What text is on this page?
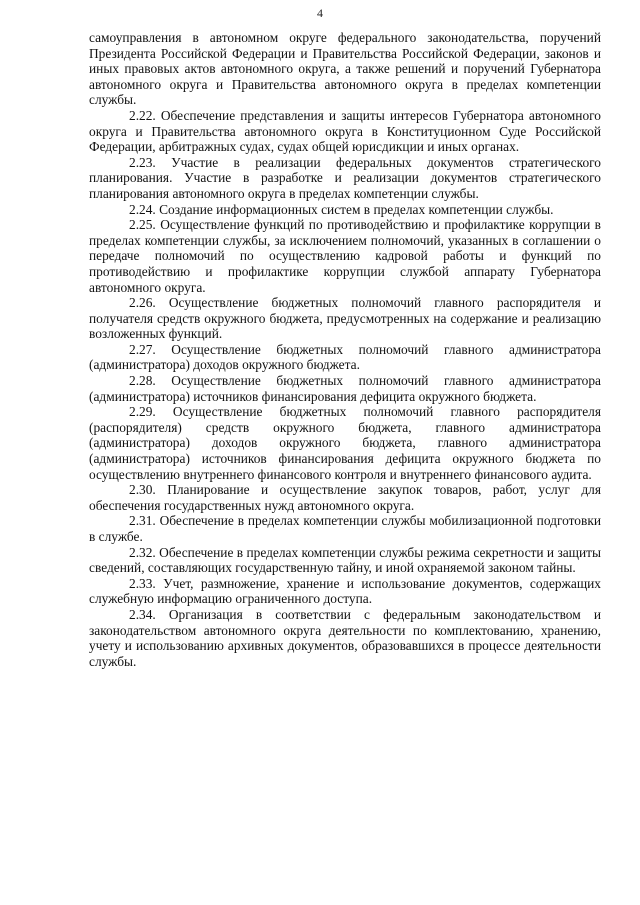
4

самоуправления в автономном округе федерального законодательства, поручений Президента Российской Федерации и Правительства Российской Федерации, законов и иных правовых актов автономного округа, а также решений и поручений Губернатора автономного округа и Правительства автономного округа в пределах компетенции службы.

2.22. Обеспечение представления и защиты интересов Губернатора автономного округа и Правительства автономного округа в Конституционном Суде Российской Федерации, арбитражных судах, судах общей юрисдикции и иных органах.

2.23. Участие в реализации федеральных документов стратегического планирования. Участие в разработке и реализации документов стратегического планирования автономного округа в пределах компетенции службы.

2.24. Создание информационных систем в пределах компетенции службы.

2.25. Осуществление функций по противодействию и профилактике коррупции в пределах компетенции службы, за исключением полномочий, указанных в соглашении о передаче полномочий по осуществлению кадровой работы и функций по противодействию и профилактике коррупции службой аппарату Губернатора автономного округа.

2.26. Осуществление бюджетных полномочий главного распорядителя и получателя средств окружного бюджета, предусмотренных на содержание и реализацию возложенных функций.

2.27. Осуществление бюджетных полномочий главного администратора (администратора) доходов окружного бюджета.

2.28. Осуществление бюджетных полномочий главного администратора (администратора) источников финансирования дефицита окружного бюджета.

2.29. Осуществление бюджетных полномочий главного распорядителя (распорядителя) средств окружного бюджета, главного администратора (администратора) доходов окружного бюджета, главного администратора (администратора) источников финансирования дефицита окружного бюджета по осуществлению внутреннего финансового контроля и внутреннего финансового аудита.

2.30. Планирование и осуществление закупок товаров, работ, услуг для обеспечения государственных нужд автономного округа.

2.31. Обеспечение в пределах компетенции службы мобилизационной подготовки в службе.

2.32. Обеспечение в пределах компетенции службы режима секретности и защиты сведений, составляющих государственную тайну, и иной охраняемой законом тайны.

2.33. Учет, размножение, хранение и использование документов, содержащих служебную информацию ограниченного доступа.

2.34. Организация в соответствии с федеральным законодательством и законодательством автономного округа деятельности по комплектованию, хранению, учету и использованию архивных документов, образовавшихся в процессе деятельности службы.
